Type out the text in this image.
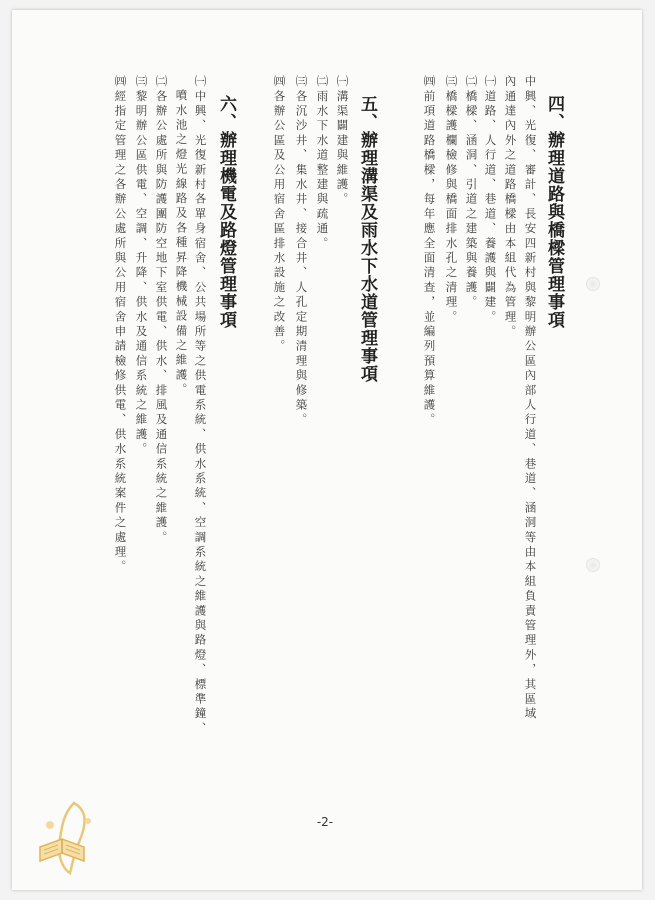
四、辦理道路與橋樑管理事項
中興、光復、審計、長安四新村與黎明辦公區內部人行道、巷道、涵洞等由本組負責管理外，其區域
內通達內外之道路橋樑由本組代為管理。
㈠道路、人行道、巷道、養護與闢建。
㈡橋樑、涵洞、引道之建築與養護。
㈢橋樑護欄檢修與橋面排水孔之清理。
㈣前項道路橋樑，每年應全面清查，並編列預算維護。
五、辦理溝渠及雨水下水道管理事項
㈠溝渠闢建與維護。
㈡雨水下水道整建與疏通。
㈢各沉沙井、集水井、接合井、人孔定期清理與修築。
㈣各辦公區及公用宿舍區排水設施之改善。
六、辦理機電及路燈管理事項
㈠中興、光復新村各單身宿舍、公共場所等之供電系統、供水系統、空調系統之維護與路燈、標準鐘、
噴水池之燈光線路及各種昇降機械設備之維護。
㈡各辦公處所與防護團防空地下室供電、供水、排風及通信系統之維護。
㈢黎明辦公區供電、空調、升降、供水及通信系統之維護。
㈣經指定管理之各辦公處所與公用宿舍申請檢修供電、供水系統案件之處理。
-2-
